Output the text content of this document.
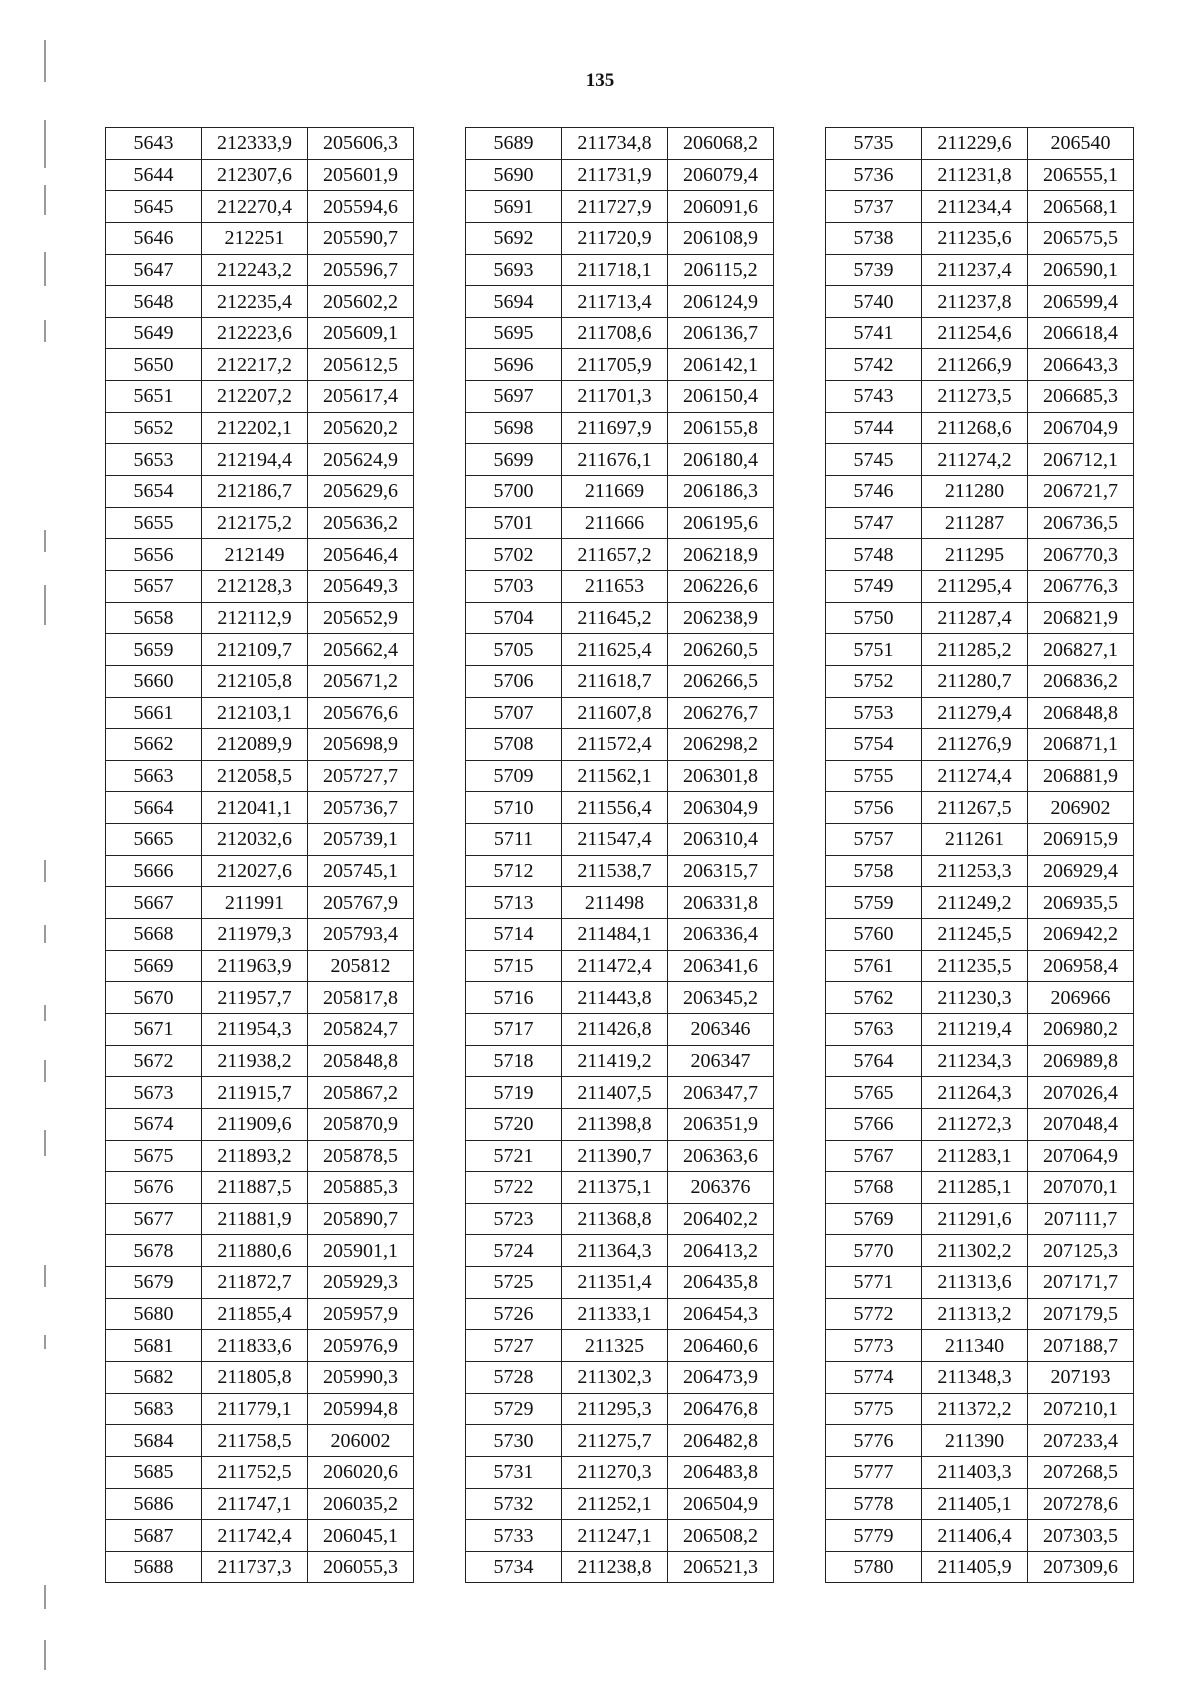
135
5643	212333,9	205606,3
5644	212307,6	205601,9
5645	212270,4	205594,6
5646	212251	205590,7
5647	212243,2	205596,7
5648	212235,4	205602,2
5649	212223,6	205609,1
5650	212217,2	205612,5
5651	212207,2	205617,4
5652	212202,1	205620,2
5653	212194,4	205624,9
5654	212186,7	205629,6
5655	212175,2	205636,2
5656	212149	205646,4
5657	212128,3	205649,3
5658	212112,9	205652,9
5659	212109,7	205662,4
5660	212105,8	205671,2
5661	212103,1	205676,6
5662	212089,9	205698,9
5663	212058,5	205727,7
5664	212041,1	205736,7
5665	212032,6	205739,1
5666	212027,6	205745,1
5667	211991	205767,9
5668	211979,3	205793,4
5669	211963,9	205812
5670	211957,7	205817,8
5671	211954,3	205824,7
5672	211938,2	205848,8
5673	211915,7	205867,2
5674	211909,6	205870,9
5675	211893,2	205878,5
5676	211887,5	205885,3
5677	211881,9	205890,7
5678	211880,6	205901,1
5679	211872,7	205929,3
5680	211855,4	205957,9
5681	211833,6	205976,9
5682	211805,8	205990,3
5683	211779,1	205994,8
5684	211758,5	206002
5685	211752,5	206020,6
5686	211747,1	206035,2
5687	211742,4	206045,1
5688	211737,3	206055,3
5689	211734,8	206068,2
5690	211731,9	206079,4
5691	211727,9	206091,6
5692	211720,9	206108,9
5693	211718,1	206115,2
5694	211713,4	206124,9
5695	211708,6	206136,7
5696	211705,9	206142,1
5697	211701,3	206150,4
5698	211697,9	206155,8
5699	211676,1	206180,4
5700	211669	206186,3
5701	211666	206195,6
5702	211657,2	206218,9
5703	211653	206226,6
5704	211645,2	206238,9
5705	211625,4	206260,5
5706	211618,7	206266,5
5707	211607,8	206276,7
5708	211572,4	206298,2
5709	211562,1	206301,8
5710	211556,4	206304,9
5711	211547,4	206310,4
5712	211538,7	206315,7
5713	211498	206331,8
5714	211484,1	206336,4
5715	211472,4	206341,6
5716	211443,8	206345,2
5717	211426,8	206346
5718	211419,2	206347
5719	211407,5	206347,7
5720	211398,8	206351,9
5721	211390,7	206363,6
5722	211375,1	206376
5723	211368,8	206402,2
5724	211364,3	206413,2
5725	211351,4	206435,8
5726	211333,1	206454,3
5727	211325	206460,6
5728	211302,3	206473,9
5729	211295,3	206476,8
5730	211275,7	206482,8
5731	211270,3	206483,8
5732	211252,1	206504,9
5733	211247,1	206508,2
5734	211238,8	206521,3
5735	211229,6	206540
5736	211231,8	206555,1
5737	211234,4	206568,1
5738	211235,6	206575,5
5739	211237,4	206590,1
5740	211237,8	206599,4
5741	211254,6	206618,4
5742	211266,9	206643,3
5743	211273,5	206685,3
5744	211268,6	206704,9
5745	211274,2	206712,1
5746	211280	206721,7
5747	211287	206736,5
5748	211295	206770,3
5749	211295,4	206776,3
5750	211287,4	206821,9
5751	211285,2	206827,1
5752	211280,7	206836,2
5753	211279,4	206848,8
5754	211276,9	206871,1
5755	211274,4	206881,9
5756	211267,5	206902
5757	211261	206915,9
5758	211253,3	206929,4
5759	211249,2	206935,5
5760	211245,5	206942,2
5761	211235,5	206958,4
5762	211230,3	206966
5763	211219,4	206980,2
5764	211234,3	206989,8
5765	211264,3	207026,4
5766	211272,3	207048,4
5767	211283,1	207064,9
5768	211285,1	207070,1
5769	211291,6	207111,7
5770	211302,2	207125,3
5771	211313,6	207171,7
5772	211313,2	207179,5
5773	211340	207188,7
5774	211348,3	207193
5775	211372,2	207210,1
5776	211390	207233,4
5777	211403,3	207268,5
5778	211405,1	207278,6
5779	211406,4	207303,5
5780	211405,9	207309,6
